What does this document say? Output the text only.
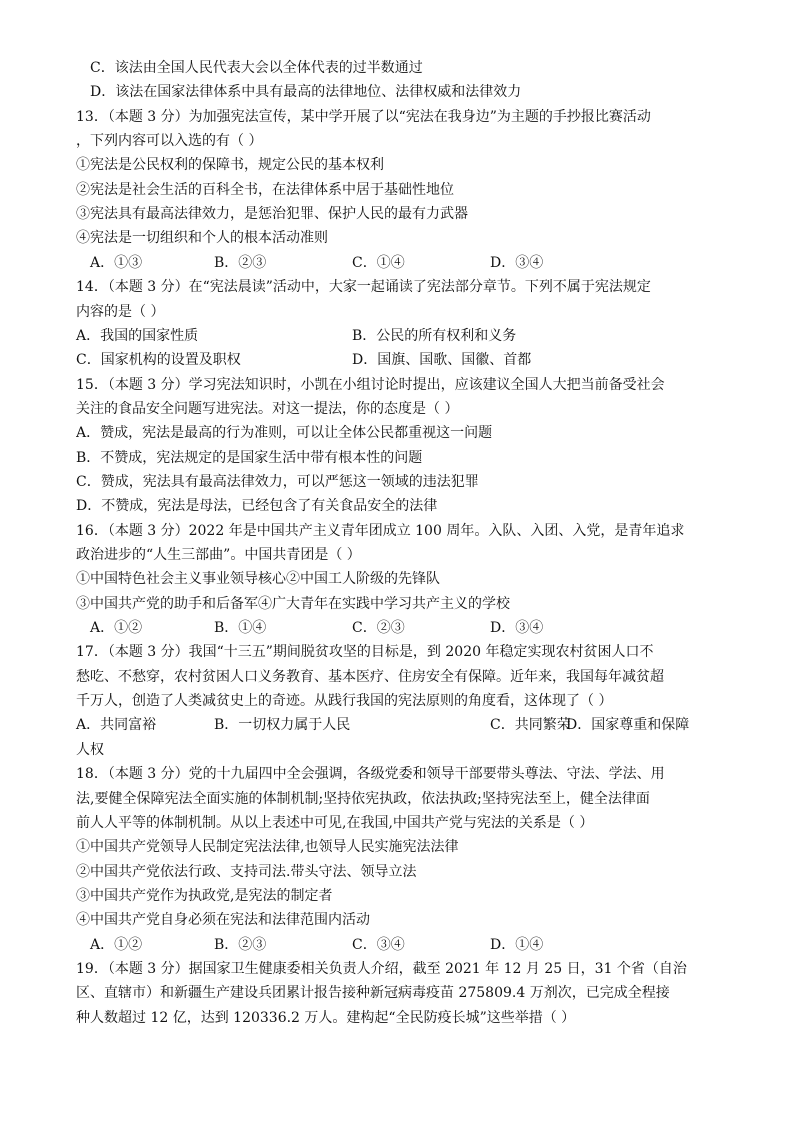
C．该法由全国人民代表大会以全体代表的过半数通过
D．该法在国家法律体系中具有最高的法律地位、法律权威和法律效力
13．（本题 3 分）为加强宪法宣传，某中学开展了以“宪法在我身边”为主题的手抄报比赛活动
，下列内容可以入选的有（ ）
①宪法是公民权利的保障书，规定公民的基本权利
②宪法是社会生活的百科全书，在法律体系中居于基础性地位
③宪法具有最高法律效力，是惩治犯罪、保护人民的最有力武器
④宪法是一切组织和个人的根本活动准则
A．①③	B．②③	C．①④	D．③④
14．（本题 3 分）在“宪法晨读”活动中，大家一起诵读了宪法部分章节。下列不属于宪法规定
内容的是（ ）
A．我国的国家性质	B．公民的所有权利和义务
C．国家机构的设置及职权	D．国旗、国歌、国徽、首都
15．（本题 3 分）学习宪法知识时，小凯在小组讨论时提出，应该建议全国人大把当前备受社会
关注的食品安全问题写进宪法。对这一提法，你的态度是（ ）
A．赞成，宪法是最高的行为准则，可以让全体公民都重视这一问题
B．不赞成，宪法规定的是国家生活中带有根本性的问题
C．赞成，宪法具有最高法律效力，可以严惩这一领域的违法犯罪
D．不赞成，宪法是母法，已经包含了有关食品安全的法律
16．（本题 3 分）2022 年是中国共产主义青年团成立 100 周年。入队、入团、入党，是青年追求
政治进步的“人生三部曲”。中国共青团是（ ）
①中国特色社会主义事业领导核心②中国工人阶级的先锋队
③中国共产党的助手和后备军④广大青年在实践中学习共产主义的学校
A．①②	B．①④	C．②③	D．③④
17．（本题 3 分）我国“十三五”期间脱贫攻坚的目标是，到 2020 年稳定实现农村贫困人口不
愁吃、不愁穿，农村贫困人口义务教育、基本医疗、住房安全有保障。近年来，我国每年减贫超
千万人，创造了人类减贫史上的奇迹。从践行我国的宪法原则的角度看，这体现了（ ）
A．共同富裕	B．一切权力属于人民	C．共同繁荣
D．国家尊重和保障
人权
18．（本题 3 分）党的十九届四中全会强调，各级党委和领导干部要带头尊法、守法、学法、用
法,要健全保障宪法全面实施的体制机制;坚持依宪执政，依法执政;坚持宪法至上，健全法律面
前人人平等的体制机制。从以上表述中可见,在我国,中国共产党与宪法的关系是（ ）
①中国共产党领导人民制定宪法法律,也领导人民实施宪法法律
②中国共产党依法行政、支持司法.带头守法、领导立法
③中国共产党作为执政党,是宪法的制定者
④中国共产党自身必须在宪法和法律范围内活动
A．①②	B．②③	C．③④	D．①④
19．（本题 3 分）据国家卫生健康委相关负责人介绍，截至 2021 年 12 月 25 日，31 个省（自治
区、直辖市）和新疆生产建设兵团累计报告接种新冠病毒疫苗 275809.4 万剂次，已完成全程接
种人数超过 12 亿，达到 120336.2 万人。建构起“全民防疫长城”这些举措（ ）
